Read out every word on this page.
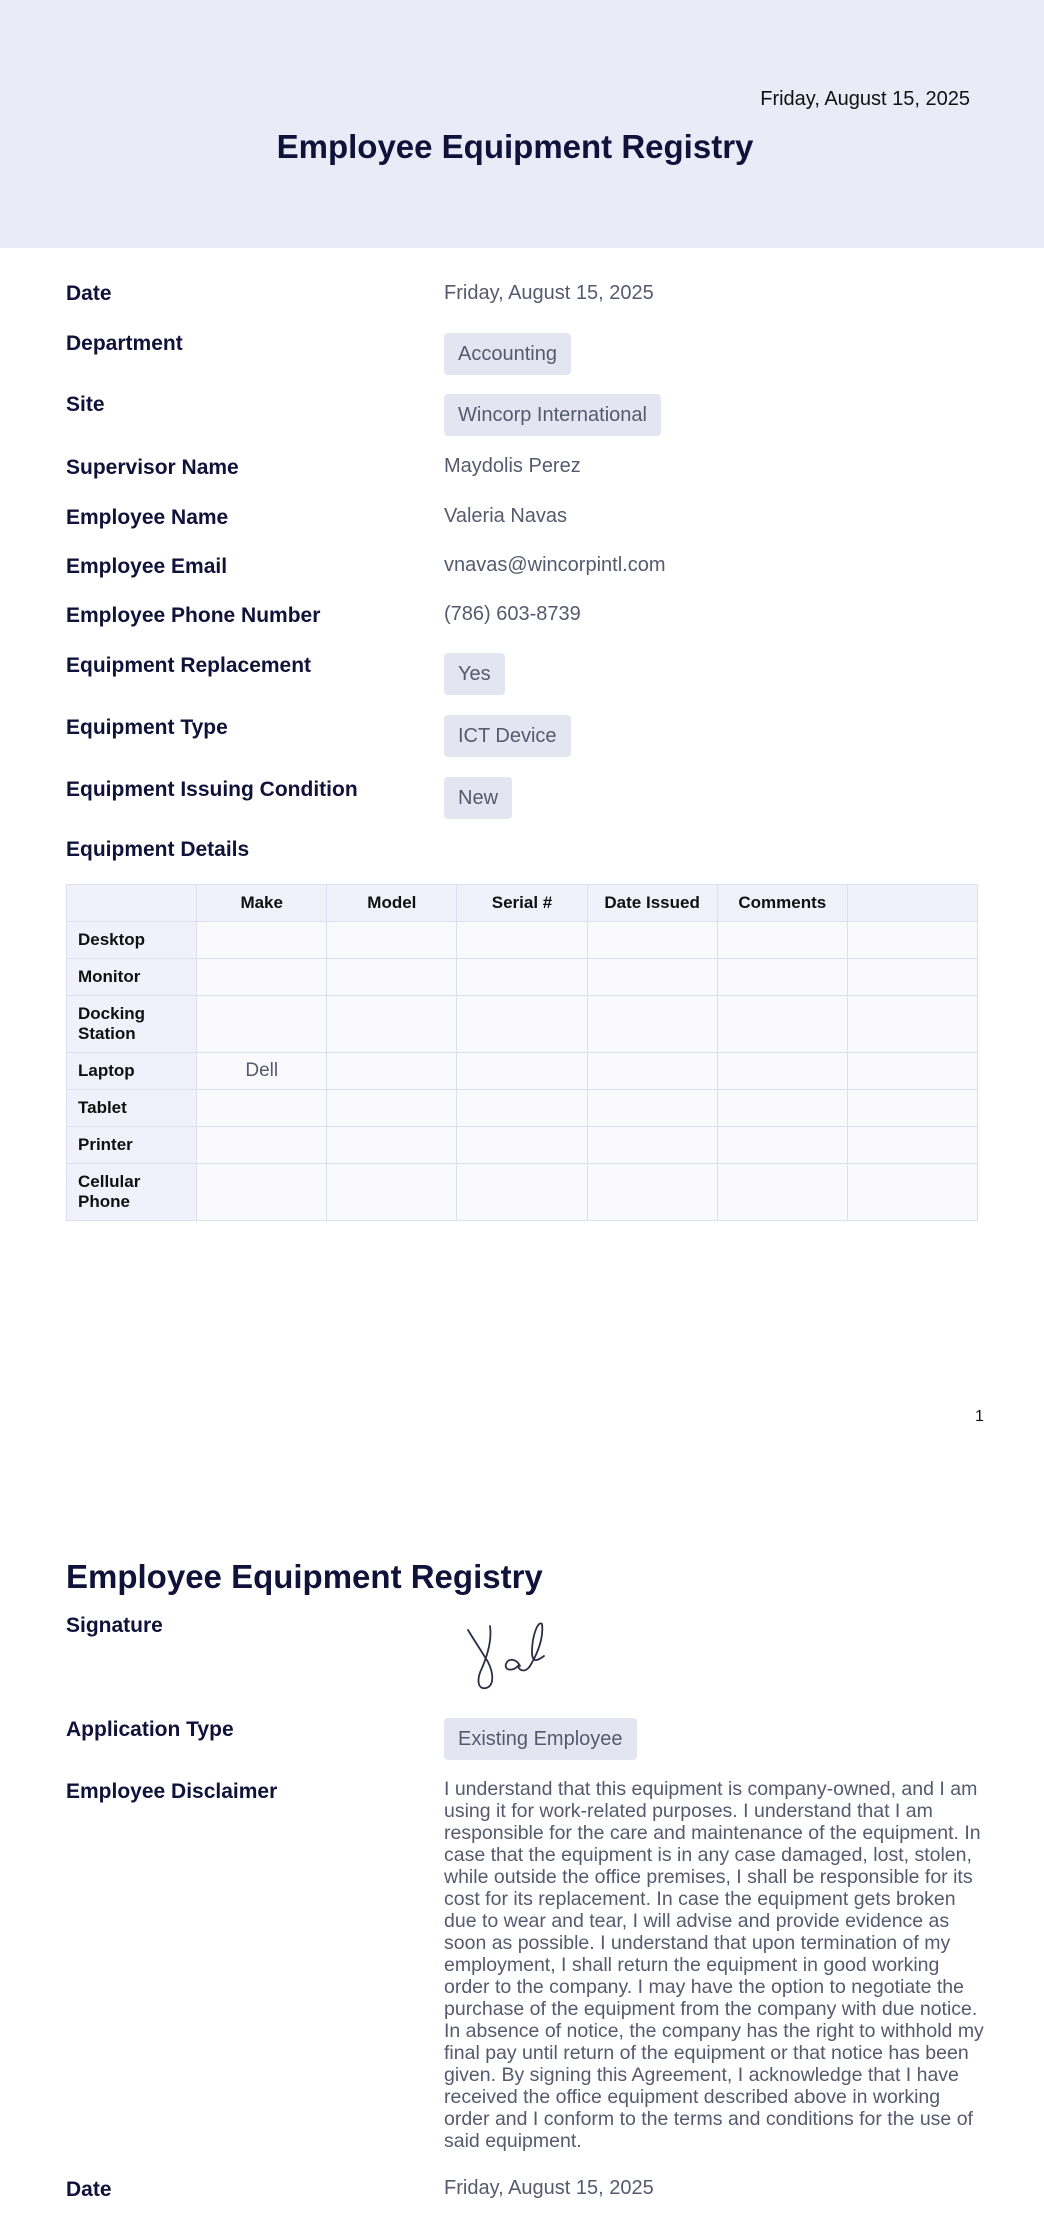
Friday, August 15, 2025
Employee Equipment Registry
Date	Friday, August 15, 2025
Department	Accounting
Site	Wincorp International
Supervisor Name	Maydolis Perez
Employee Name	Valeria Navas
Employee Email	vnavas@wincorpintl.com
Employee Phone Number	(786) 603-8739
Equipment Replacement	Yes
Equipment Type	ICT Device
Equipment Issuing Condition	New
Equipment Details
	Make	Model	Serial #	Date Issued	Comments	
Desktop						
Monitor						
Docking Station						
Laptop	Dell					
Tablet						
Printer						
Cellular Phone						
1
Employee Equipment Registry
Signature
Application Type	Existing Employee
Employee Disclaimer	I understand that this equipment is company-owned, and I am using it for work-related purposes. I understand that I am responsible for the care and maintenance of the equipment. In case that the equipment is in any case damaged, lost, stolen, while outside the office premises, I shall be responsible for its cost for its replacement. In case the equipment gets broken due to wear and tear, I will advise and provide evidence as soon as possible. I understand that upon termination of my employment, I shall return the equipment in good working order to the company. I may have the option to negotiate the purchase of the equipment from the company with due notice. In absence of notice, the company has the right to withhold my final pay until return of the equipment or that notice has been given. By signing this Agreement, I acknowledge that I have received the office equipment described above in working order and I conform to the terms and conditions for the use of said equipment.
Date	Friday, August 15, 2025
